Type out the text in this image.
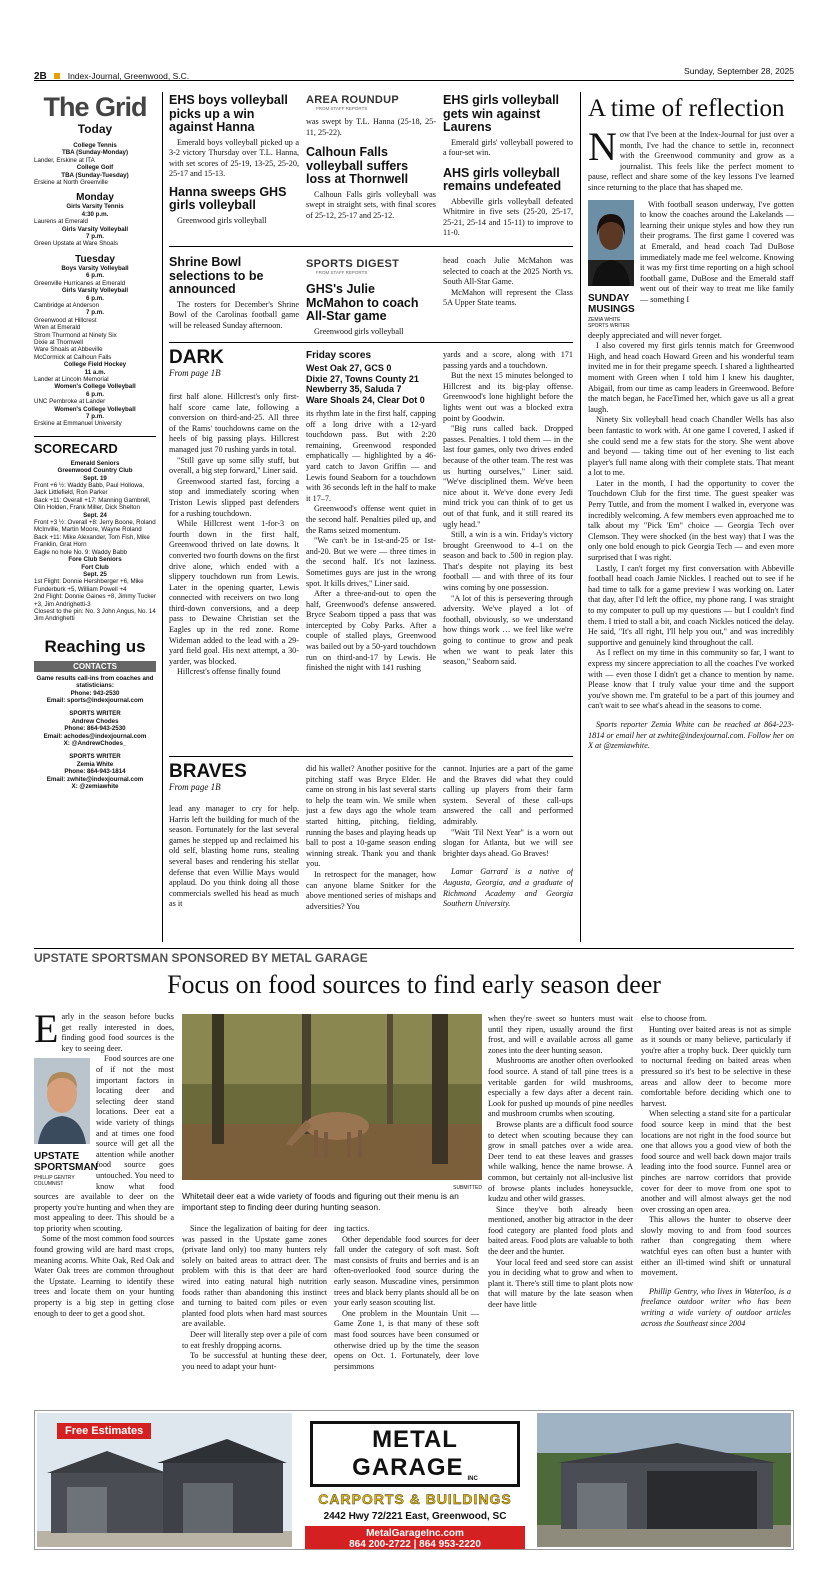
2B Index-Journal, Greenwood, S.C.	Sunday, September 28, 2025
The Grid
Today
College Tennis
TBA (Sunday-Monday)
Lander, Erskine at ITA
College Golf
TBA (Sunday-Tuesday)
Erskine at North Greenville
Monday
Girls Varsity Tennis
4:30 p.m.
Laurens at Emerald
Girls Varsity Volleyball
7 p.m.
Green Upstate at Ware Shoals
Tuesday
Boys Varsity Volleyball
6 p.m.
Greenville Hurricanes at Emerald
Girls Varsity Volleyball
6 p.m.
Cambridge at Anderson
7 p.m.
Greenwood at Hillcrest
Wren at Emerald
Strom Thurmond at Ninety Six
Dixie at Thornwell
Ware Shoals at Abbeville
McCormick at Calhoun Falls
College Field Hockey
11 a.m.
Lander at Lincoln Memorial
Women's College Volleyball
6 p.m.
UNC Pembroke at Lander
Women's College Volleyball
7 p.m.
Erskine at Emmanuel University
SCORECARD
Emerald Seniors
Greenwood Country Club
Sept. 19
Front +6 ½: Waddy Babb, Paul Hollowa, Jack Littlefield, Ron Parker
Back +11: Overall +17: Manning Gambrell, Olin Holden, Frank Miller, Dick Shelton
Sept. 24
Front +3 ½: Overall +8: Jerry Boone, Roland McInville, Martin Moore, Wayne Roland
Back +11: Mike Alexander, Tom Fish, Mike Franklin, Grat Horn
Eagle no hole No. 9: Waddy Babb
Fore Club Seniors
Fort Club
Sept. 25
1st Flight: Donnie Hershberger +6, Mike Funderburk +5, William Powell +4
2nd Flight: Donnie Gaines +8, Jimmy Tucker +3, Jim Andrighetti-3
Closest to the pin: No. 3 John Angus, No. 14 Jim Andrighetti
Reaching us
CONTACTS
Game results call-ins from coaches and statisticians:
Phone: 943-2530
Email: sports@indexjournal.com
SPORTS WRITER
Andrew Chodes
Phone: 864-943-2530
Email: achodes@indexjournal.com
X: @AndrewChodes_
SPORTS WRITER
Zemia White
Phone: 864-943-1814
Email: zwhite@indexjournal.com
X: @zemiawhite
EHS boys volleyball picks up a win against Hanna

Emerald boys volleyball picked up a 3-2 victory Thursday over T.L. Hanna, with set scores of 25-19, 13-25, 25-20, 25-17 and 15-13.

Hanna sweeps GHS girls volleyball

Greenwood girls volleyball

AREA ROUNDUP
FROM STAFF REPORTS

was swept by T.L. Hanna (25-18, 25-11, 25-22).

Calhoun Falls volleyball suffers loss at Thornwell

Calhoun Falls girls volleyball was swept in straight sets, with final scores of 25-12, 25-17 and 25-12.

EHS girls volleyball gets win against Laurens

Emerald girls' volleyball powered to a four-set win.

AHS girls volleyball remains undefeated

Abbeville girls volleyball defeated Whitmire in five sets (25-20, 25-17, 25-21, 25-14 and 15-11) to improve to 11-0.

Shrine Bowl selections to be announced

The rosters for December's Shrine Bowl of the Carolinas football game will be released Sunday afternoon.

SPORTS DIGEST
FROM STAFF REPORTS
GHS's Julie McMahon to coach All-Star game

Greenwood girls volleyball

head coach Julie McMahon was selected to coach at the 2025 North vs. South All-Star Game.

McMahon will represent the Class 5A Upper State teams.

DARK
From page 1B

first half alone. Hillcrest's only first-half score came late, following a conversion on third-and-25. All three of the Rams' touchdowns came on the heels of big passing plays. Hillcrest managed just 70 rushing yards in total.

"Still gave up some silly stuff, but overall, a big step forward," Liner said.

Greenwood started fast, forcing a stop and immediately scoring when Triston Lewis slipped past defenders for a rushing touchdown.

While Hillcrest went 1-for-3 on fourth down in the first half, Greenwood thrived on late downs. It converted two fourth downs on the first drive alone, which ended with a slippery touchdown run from Lewis. Later in the opening quarter, Lewis connected with receivers on two long third-down conversions, and a deep pass to Dewaine Christian set the Eagles up in the red zone. Rome Wideman added to the lead with a 29-yard field goal. His next attempt, a 30-yarder, was blocked.

Hillcrest's offense finally found

Friday scores
West Oak 27, GCS 0
Dixie 27, Towns County 21
Newberry 35, Saluda 7
Ware Shoals 24, Clear Dot 0

its rhythm late in the first half, capping off a long drive with a 12-yard touchdown pass. But with 2:20 remaining, Greenwood responded emphatically — highlighted by a 46-yard catch to Javon Griffin — and Lewis found Seaborn for a touchdown with 36 seconds left in the half to make it 17–7.

Greenwood's offense went quiet in the second half. Penalties piled up, and the Rams seized momentum.

"We can't be in 1st-and-25 or 1st-and-20. But we were — three times in the second half. It's not laziness. Sometimes guys are just in the wrong spot. It kills drives," Liner said.

After a three-and-out to open the half, Greenwood's defense answered. Bryce Seaborn tipped a pass that was intercepted by Coby Parks. After a couple of stalled plays, Greenwood was bailed out by a 50-yard touchdown run on third-and-17 by Lewis. He finished the night with 141 rushing

yards and a score, along with 171 passing yards and a touchdown.

But the next 15 minutes belonged to Hillcrest and its big-play offense. Greenwood's lone highlight before the lights went out was a blocked extra point by Goodwin.

"Big runs called back. Dropped passes. Penalties. I told them — in the last four games, only two drives ended because of the other team. The rest was us hurting ourselves," Liner said. "We've disciplined them. We've been nice about it. We've done every Jedi mind trick you can think of to get us out of that funk, and it still reared its ugly head."

Still, a win is a win. Friday's victory brought Greenwood to 4–1 on the season and back to .500 in region play. That's despite not playing its best football — and with three of its four wins coming by one possession.

"A lot of this is persevering through adversity. We've played a lot of football, obviously, so we understand how things work … we feel like we're going to continue to grow and peak when we want to peak later this season," Seaborn said.

BRAVES
From page 1B

lead any manager to cry for help. Harris left the building for much of the season. Fortunately for the last several games he stepped up and reclaimed his old self, blasting home runs, stealing several bases and rendering his stellar defense that even Willie Mays would applaud. Do you think doing all those commercials swelled his head as much as it

did his wallet? Another positive for the pitching staff was Bryce Elder. He came on strong in his last several starts to help the team win. We smile when just a few days ago the whole team started hitting, pitching, fielding, running the bases and playing heads up ball to post a 10-game season ending winning streak. Thank you and thank you.

In retrospect for the manager, how can anyone blame Snitker for the above mentioned series of mishaps and adversities? You

cannot. Injuries are a part of the game and the Braves did what they could calling up players from their farm system. Several of these call-ups answered the call and performed admirably.

"Wait 'Til Next Year" is a worn out slogan for Atlanta, but we will see brighter days ahead. Go Braves!

Lamar Garrard is a native of Augusta, Georgia, and a graduate of Richmond Academy and Georgia Southern University.

A time of reflection

Now that I've been at the Index-Journal for just over a month, I've had the chance to settle in, reconnect with the Greenwood community and grow as a journalist. This feels like the perfect moment to pause, reflect and share some of the key lessons I've learned since returning to the place that has shaped me.

SUNDAY MUSINGS
ZEMIA WHITE
SPORTS WRITER

With football season underway, I've gotten to know the coaches around the Lakelands —learning their unique styles and how they run their programs. The first game I covered was at Emerald, and head coach Tad DuBose immediately made me feel welcome. Knowing it was my first time reporting on a high school football game, DuBose and the Emerald staff went out of their way to treat me like family — something I

deeply appreciated and will never forget.

I also covered my first girls tennis match for Greenwood High, and head coach Howard Green and his wonderful team invited me in for their pregame speech. I shared a lighthearted moment with Green when I told him I knew his daughter, Abigail, from our time as camp leaders in Greenwood. Before the match began, he FaceTimed her, which gave us all a great laugh.

Ninety Six volleyball head coach Chandler Wells has also been fantastic to work with. At one game I covered, I asked if she could send me a few stats for the story. She went above and beyond — taking time out of her evening to list each player's full name along with their complete stats. That meant a lot to me.

Later in the month, I had the opportunity to cover the Touchdown Club for the first time. The guest speaker was Perry Tuttle, and from the moment I walked in, everyone was incredibly welcoming. A few members even approached me to talk about my "Pick 'Em" choice — Georgia Tech over Clemson. They were shocked (in the best way) that I was the only one bold enough to pick Georgia Tech — and even more surprised that I was right.

Lastly, I can't forget my first conversation with Abbeville football head coach Jamie Nickles. I reached out to see if he had time to talk for a game preview I was working on. Later that day, after I'd left the office, my phone rang. I was straight to my computer to pull up my questions — but I couldn't find them. I tried to stall a bit, and coach Nickles noticed the delay. He said, "It's all right, I'll help you out," and was incredibly supportive and genuinely kind throughout the call.

As I reflect on my time in this community so far, I want to express my sincere appreciation to all the coaches I've worked with — even those I didn't get a chance to mention by name. Please know that I truly value your time and the support you've shown me. I'm grateful to be a part of this journey and can't wait to see what's ahead in the seasons to come.

Sports reporter Zemia White can be reached at 864-223-1814 or email her at zwhite@indexjournal.com. Follow her on X at @zemiawhite.

UPSTATE SPORTSMAN SPONSORED BY METAL GARAGE
Focus on food sources to find early season deer

Early in the season before bucks get really interested in does, finding good food sources is the key to seeing deer.

UPSTATE SPORTSMAN
PHILLIP GENTRY
COLUMNIST

Food sources are one of if not the most important factors in locating deer and selecting deer stand locations. Deer eat a wide variety of things and at times one food source will get all the attention while another food source goes untouched. You need to know what food sources are available to deer on the property you're hunting and when they are most appealing to deer. This should be a top priority when scouting.

Some of the most common food sources found growing wild are hard mast crops, meaning acorns. White Oak, Red Oak and Water Oak trees are common throughout the Upstate. Learning to identify these trees and locate them on your hunting property is a big step in getting close enough to deer to get a good shot.

SUBMITTED
Whitetail deer eat a wide variety of foods and figuring out their menu is an important step to finding deer during hunting season.

Since the legalization of baiting for deer was passed in the Upstate game zones (private land only) too many hunters rely solely on baited areas to attract deer. The problem with this is that deer are hard wired into eating natural high nutrition foods rather than abandoning this instinct and turning to baited corn piles or even planted food plots when hard mast sources are available.

Deer will literally step over a pile of corn to eat freshly dropping acorns.

To be successful at hunting these deer, you need to adapt your hunt-

ing tactics.

Other dependable food sources for deer fall under the category of soft mast. Soft mast consists of fruits and berries and is an often-overlooked food source during the early season. Muscadine vines, persimmon trees and black berry plants should all be on your early season scouting list.

One problem in the Mountain Unit — Game Zone 1, is that many of these soft mast food sources have been consumed or otherwise dried up by the time the season opens on Oct. 1. Fortunately, deer love persimmons

when they're sweet so hunters must wait until they ripen, usually around the first frost, and will e available across all game zones into the deer hunting season.

Mushrooms are another often overlooked food source. A stand of tall pine trees is a veritable garden for wild mushrooms, especially a few days after a decent rain. Look for pushed up mounds of pine needles and mushroom crumbs when scouting.

Browse plants are a difficult food source to detect when scouting because they can grow in small patches over a wide area. Deer tend to eat these leaves and grasses while walking, hence the name browse. A common, but certainly not all-inclusive list of browse plants includes honeysuckle, kudzu and other wild grasses.

Since they've both already been mentioned, another big attractor in the deer food category are planted food plots and baited areas. Food plots are valuable to both the deer and the hunter.

Your local feed and seed store can assist you in deciding what to grow and when to plant it. There's still time to plant plots now that will mature by the late season when deer have little

else to choose from.

Hunting over baited areas is not as simple as it sounds or many believe, particularly if you're after a trophy buck. Deer quickly turn to nocturnal feeding on baited areas when pressured so it's best to be selective in these areas and allow deer to become more comfortable before deciding which one to harvest.

When selecting a stand site for a particular food source keep in mind that the best locations are not right in the food source but one that allows you a good view of both the food source and well back down major trails leading into the food source. Funnel area or pinches are narrow corridors that provide cover for deer to move from one spot to another and will almost always get the nod over crossing an open area.

This allows the hunter to observe deer slowly moving to and from food sources rather than congregating them where watchful eyes can often bust a hunter with either an ill-timed wind shift or unnatural movement.

Phillip Gentry, who lives in Waterloo, is a freelance outdoor writer who has been writing a wide variety of outdoor articles across the Southeast since 2004

Free Estimates	METAL GARAGE INC
CARPORTS & BUILDINGS
2442 Hwy 72/221 East, Greenwood, SC
MetalGarageInc.com
864 200-2722 | 864 953-2220
